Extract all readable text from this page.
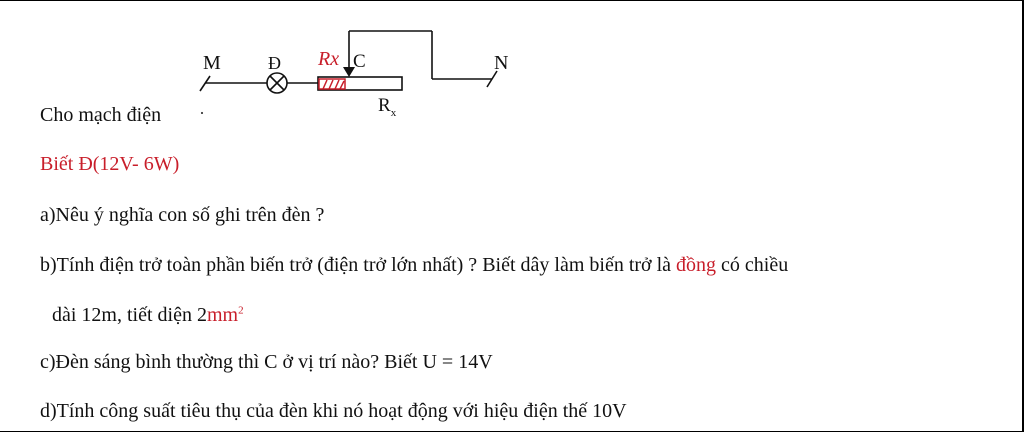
M	Đ Rx C	N
$R_x$
Cho mạch điện ·
Biết Đ(12V- 6W)
a)Nêu ý nghĩa con số ghi trên đèn ?
b)Tính điện trở toàn phần biến trở (điện trở lớn nhất) ? Biết dây làm biến trở là đồng có chiều
dài 12m, tiết diện $2mm^2$
c)Đèn sáng bình thường thì C ở vị trí nào? Biết U = 14V
d)Tính công suất tiêu thụ của đèn khi nó hoạt động với hiệu điện thế 10V
